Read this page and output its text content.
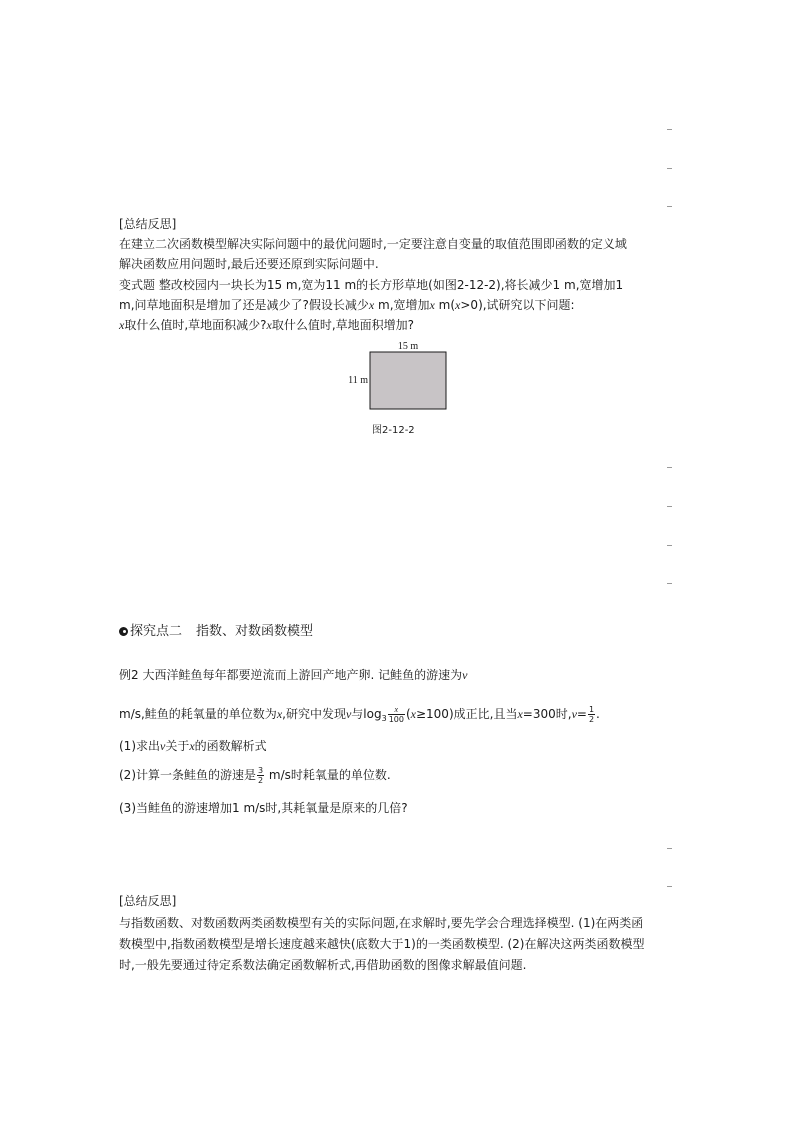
[总结反思]
在建立二次函数模型解决实际问题中的最优问题时,一定要注意自变量的取值范围即函数的定义域
解决函数应用问题时,最后还要还原到实际问题中.
变式题 整改校园内一块长为15 m,宽为11 m的长方形草地(如图2-12-2),将长减少1 m,宽增加1
m,问草地面积是增加了还是减少了?假设长减少x m,宽增加x m(x>0),试研究以下问题:
x取什么值时,草地面积减少?x取什么值时,草地面积增加?
15 m
11 m
图2-12-2
探究点二 指数、对数函数模型
例2 大西洋鲑鱼每年都要逆流而上游回产地产卵. 记鲑鱼的游速为v
m/s,鲑鱼的耗氧量的单位数为x,研究中发现v与$\log_3 \frac{x}{100} (x\ge 100)$成正比,且当x=300时$,v= \frac{1}{2}$ .
(1)求出v关于x的函数解析式
(2)计算一条鲑鱼的游速是 $\frac{3}{2} m/s$时耗氧量的单位数.
(3)当鲑鱼的游速增加1 m/s时,其耗氧量是原来的几倍?
[总结反思]
与指数函数、对数函数两类函数模型有关的实际问题,在求解时,要先学会合理选择模型. (1)在两类函
数模型中,指数函数模型是增长速度越来越快(底数大于1)的一类函数模型. (2)在解决这两类函数模型
时,一般先要通过待定系数法确定函数解析式,再借助函数的图像求解最值问题.
